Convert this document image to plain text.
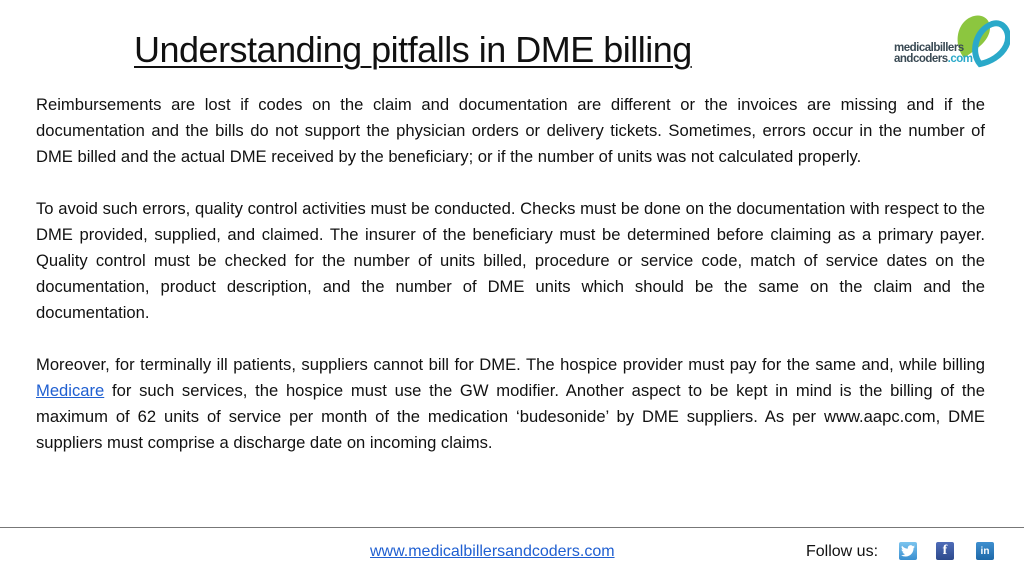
Understanding pitfalls in DME billing	medicalbillers
andcoders.com

Reimbursements are lost if codes on the claim and documentation are different or the invoices are missing and if the documentation and the bills do not support the physician orders or delivery tickets. Sometimes, errors occur in the number of DME billed and the actual DME received by the beneficiary; or if the number of units was not calculated properly.

To avoid such errors, quality control activities must be conducted. Checks must be done on the documentation with respect to the DME provided, supplied, and claimed. The insurer of the beneficiary must be determined before claiming as a primary payer. Quality control must be checked for the number of units billed, procedure or service code, match of service dates on the documentation, product description, and the number of DME units which should be the same on the claim and the documentation.

Moreover, for terminally ill patients, suppliers cannot bill for DME. The hospice provider must pay for the same and, while billing Medicare for such services, the hospice must use the GW modifier. Another aspect to be kept in mind is the billing of the maximum of 62 units of service per month of the medication ‘budesonide’ by DME suppliers. As per www.aapc.com, DME suppliers must comprise a discharge date on incoming claims.

www.medicalbillersandcoders.com	Follow us:	f	in
